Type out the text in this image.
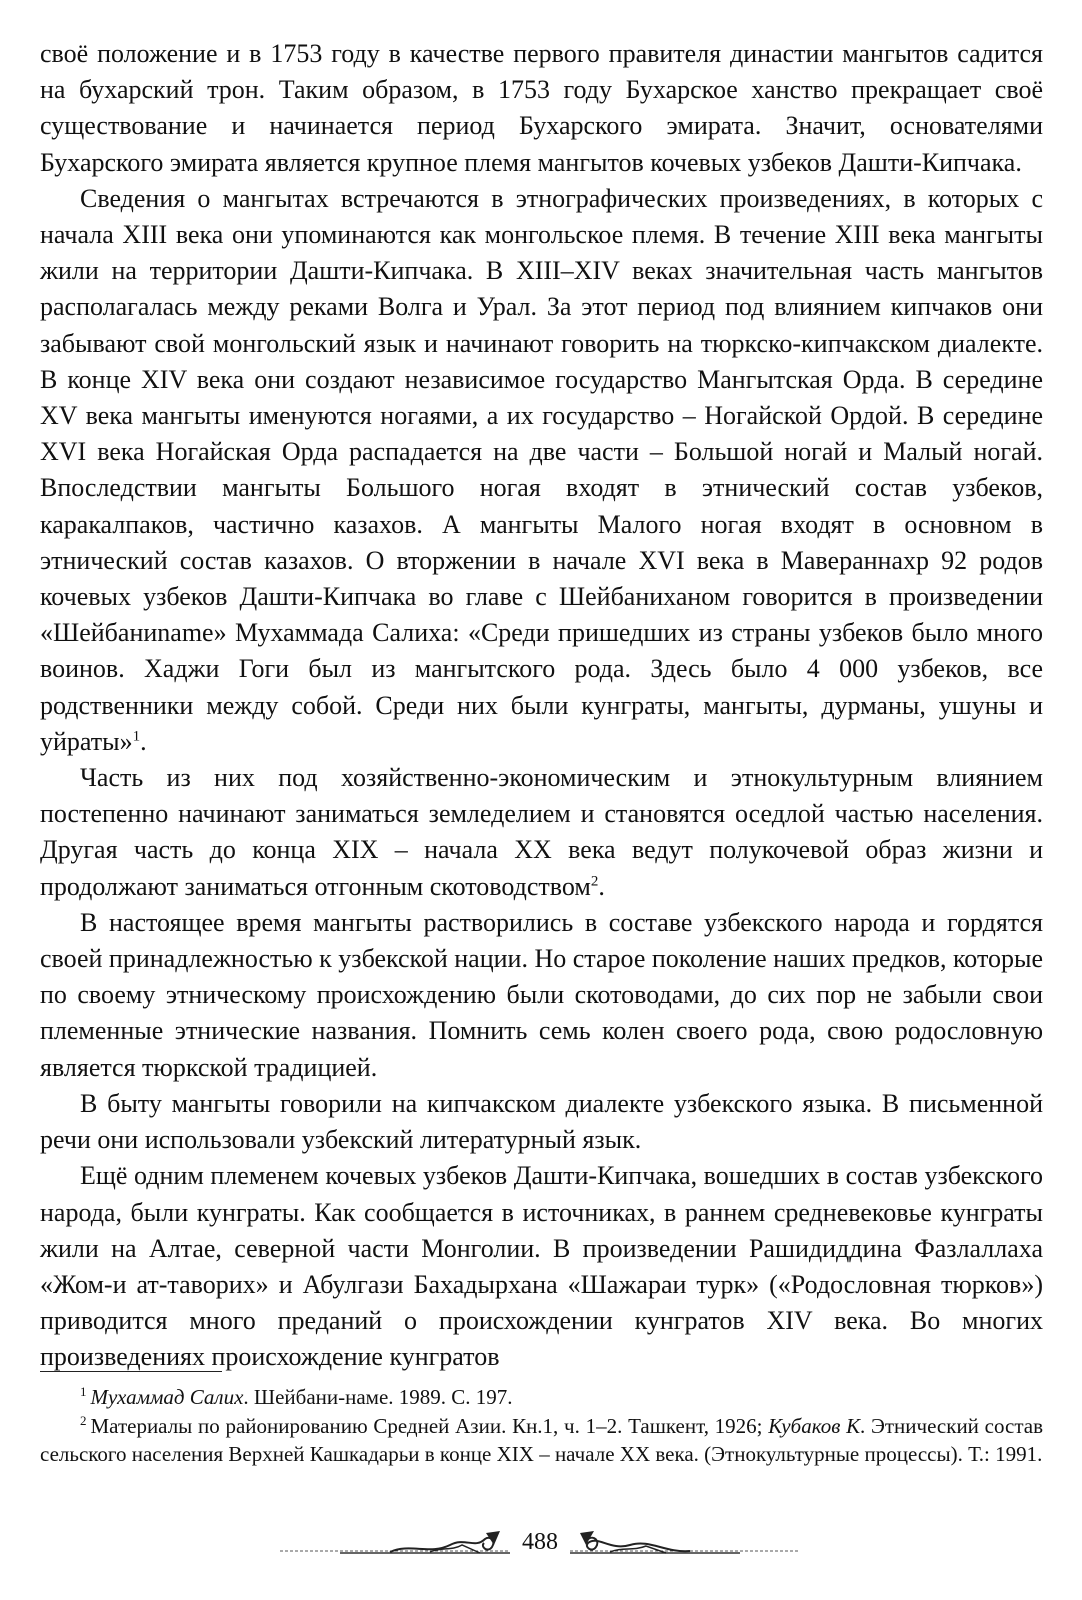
своё положение и в 1753 году в качестве первого правителя династии мангытов садится на бухарский трон. Таким образом, в 1753 году Бухарское ханство прекращает своё существование и начинается период Бухарского эмирата. Значит, основателями Бухарского эмирата является крупное племя мангытов кочевых узбеков Дашти-Кипчака.

Сведения о мангытах встречаются в этнографических произведениях, в которых с начала XIII века они упоминаются как монгольское племя. В течение XIII века мангыты жили на территории Дашти-Кипчака. В XIII–XIV веках значительная часть мангытов располагалась между реками Волга и Урал. За этот период под влиянием кипчаков они забывают свой монгольский язык и начинают говорить на тюркско-кипчакском диалекте. В конце XIV века они создают независимое государство Мангытская Орда. В середине XV века мангыты именуются ногаями, а их государство – Ногайской Ордой. В середине XVI века Ногайская Орда распадается на две части – Большой ногай и Малый ногай. Впоследствии мангыты Большого ногая входят в этнический состав узбеков, каракалпаков, частично казахов. А мангыты Малого ногая входят в основном в этнический состав казахов. О вторжении в начале XVI века в Мавераннахр 92 родов кочевых узбеков Дашти-Кипчака во главе с Шейбаниханом говорится в произведении «Шейбаниname» Мухаммада Салиха: «Среди пришедших из страны узбеков было много воинов. Хаджи Гоги был из мангытского рода. Здесь было 4 000 узбеков, все родственники между собой. Среди них были кунграты, мангыты, дурманы, ушуны и уйраты»$^1$.

Часть из них под хозяйственно-экономическим и этнокультурным влиянием постепенно начинают заниматься земледелием и становятся оседлой частью населения. Другая часть до конца XIX – начала XX века ведут полукочевой образ жизни и продолжают заниматься отгонным скотоводством$^2$.

В настоящее время мангыты растворились в составе узбекского народа и гордятся своей принадлежностью к узбекской нации. Но старое поколение наших предков, которые по своему этническому происхождению были скотоводами, до сих пор не забыли свои племенные этнические названия. Помнить семь колен своего рода, свою родословную является тюркской традицией.

В быту мангыты говорили на кипчакском диалекте узбекского языка. В письменной речи они использовали узбекский литературный язык.

Ещё одним племенем кочевых узбеков Дашти-Кипчака, вошедших в состав узбекского народа, были кунграты. Как сообщается в источниках, в раннем средневековье кунграты жили на Алтае, северной части Монголии. В произведении Рашидиддина Фазлаллаха «Жом-и ат-таворих» и Абулгази Бахадырхана «Шажараи турк» («Родословная тюрков») приводится много преданий о происхождении кунгратов XIV века. Во многих произведениях происхождение кунгратов

$^1$ Мухаммад Салих. Шейбани-наме. 1989. С. 197.

$^2$ Материалы по районированию Средней Азии. Кн.1, ч. 1–2. Ташкент, 1926; Кубаков К. Этнический состав сельского населения Верхней Кашкадарьи в конце XIX – начале XX века. (Этнокультурные процессы). Т.: 1991.

488
